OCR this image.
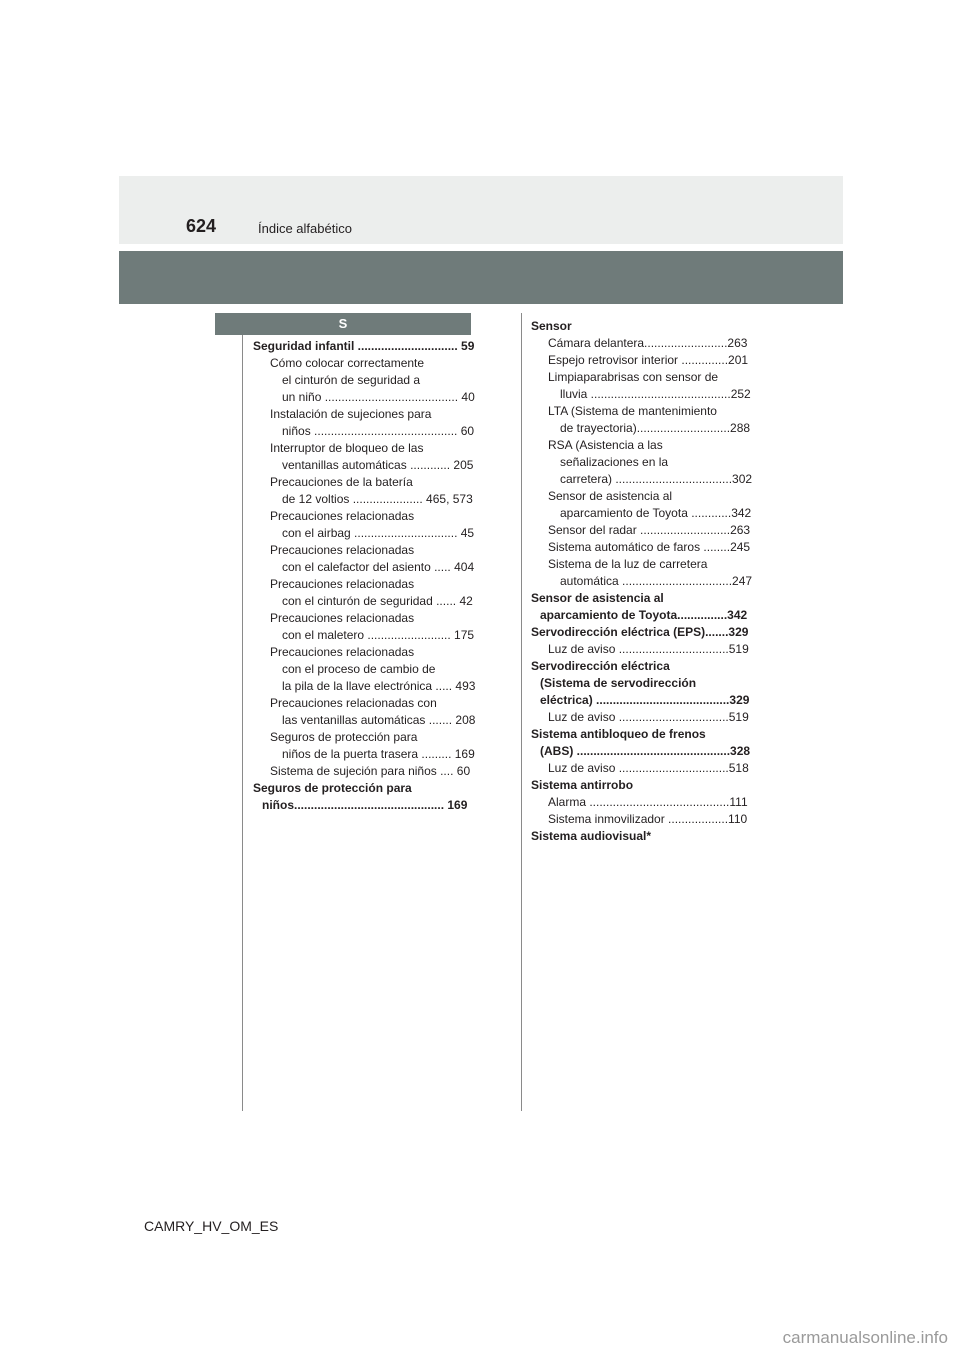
624	Índice alfabético
S
Seguridad infantil .............................. 59
Cómo colocar correctamente
el cinturón de seguridad a
un niño ........................................ 40
Instalación de sujeciones para
niños ........................................... 60
Interruptor de bloqueo de las
ventanillas automáticas ............ 205
Precauciones de la batería
de 12 voltios ..................... 465, 573
Precauciones relacionadas
con el airbag ............................... 45
Precauciones relacionadas
con el calefactor del asiento ..... 404
Precauciones relacionadas
con el cinturón de seguridad ...... 42
Precauciones relacionadas
con el maletero ......................... 175
Precauciones relacionadas
con el proceso de cambio de
la pila de la llave electrónica ..... 493
Precauciones relacionadas con
las ventanillas automáticas ....... 208
Seguros de protección para
niños de la puerta trasera ......... 169
Sistema de sujeción para niños .... 60
Seguros de protección para
niños............................................. 169
Sensor
Cámara delantera.........................263
Espejo retrovisor interior ..............201
Limpiaparabrisas con sensor de
lluvia ..........................................252
LTA (Sistema de mantenimiento
de trayectoria)............................288
RSA (Asistencia a las
señalizaciones en la
carretera) ...................................302
Sensor de asistencia al
aparcamiento de Toyota ............342
Sensor del radar ...........................263
Sistema automático de faros ........245
Sistema de la luz de carretera
automática .................................247
Sensor de asistencia al
aparcamiento de Toyota...............342
Servodirección eléctrica (EPS).......329
Luz de aviso .................................519
Servodirección eléctrica
(Sistema de servodirección
eléctrica) ........................................329
Luz de aviso .................................519
Sistema antibloqueo de frenos
(ABS) ..............................................328
Luz de aviso .................................518
Sistema antirrobo
Alarma ..........................................111
Sistema inmovilizador ..................110
Sistema audiovisual*
CAMRY_HV_OM_ES
carmanualsonline.info
